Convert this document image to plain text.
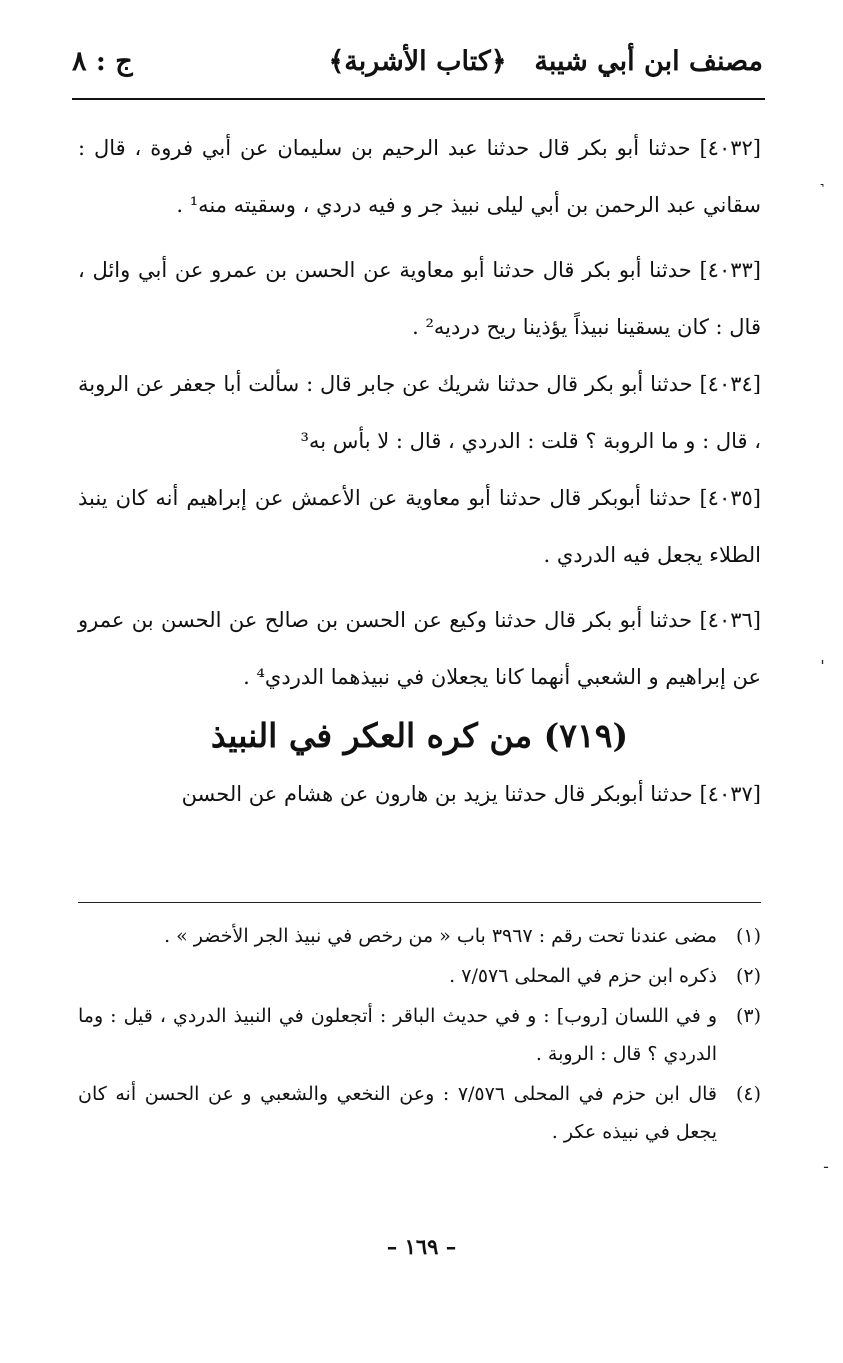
مصنف ابن أبي شيبة
﴿كتاب الأشربة﴾
ج : ٨

[٤٠٣٢] حدثنا أبو بكر قال حدثنا عبد الرحيم بن سليمان عن أبي فروة ، قال : سقاني عبد الرحمن بن أبي ليلى نبيذ جر و فيه دردي ، وسقيته منه¹ .

[٤٠٣٣] حدثنا أبو بكر قال حدثنا أبو معاوية عن الحسن بن عمرو عن أبي وائل ، قال : كان يسقينا نبيذاً يؤذينا ريح درديه² .

[٤٠٣٤] حدثنا أبو بكر قال حدثنا شريك عن جابر قال : سألت أبا جعفر عن الروبة ، قال : و ما الروبة ؟ قلت : الدردي ، قال : لا بأس به³

[٤٠٣٥] حدثنا أبوبكر قال حدثنا أبو معاوية عن الأعمش عن إبراهيم أنه كان ينبذ الطلاء يجعل فيه الدردي .

[٤٠٣٦] حدثنا أبو بكر قال حدثنا وكيع عن الحسن بن صالح عن الحسن بن عمرو عن إبراهيم و الشعبي أنهما كانا يجعلان في نبيذهما الدردي⁴ .

(٧١٩) من كره العكر في النبيذ

[٤٠٣٧] حدثنا أبوبكر قال حدثنا يزيد بن هارون عن هشام عن الحسن

(١)
مضى عندنا تحت رقم : ٣٩٦٧ باب « من رخص في نبيذ الجر الأخضر » .

(٢)
ذكره ابن حزم في المحلى ٧/٥٧٦ .

(٣)
و في اللسان [روب] : و في حديث الباقر : أتجعلون في النبيذ الدردي ، قيل : وما الدردي ؟ قال : الروبة .

(٤)
قال ابن حزم في المحلى ٧/٥٧٦ : وعن النخعي والشعبي و عن الحسن أنه كان يجعل في نبيذه عكر .

– ١٦٩ –
˺
ˌ
˗
